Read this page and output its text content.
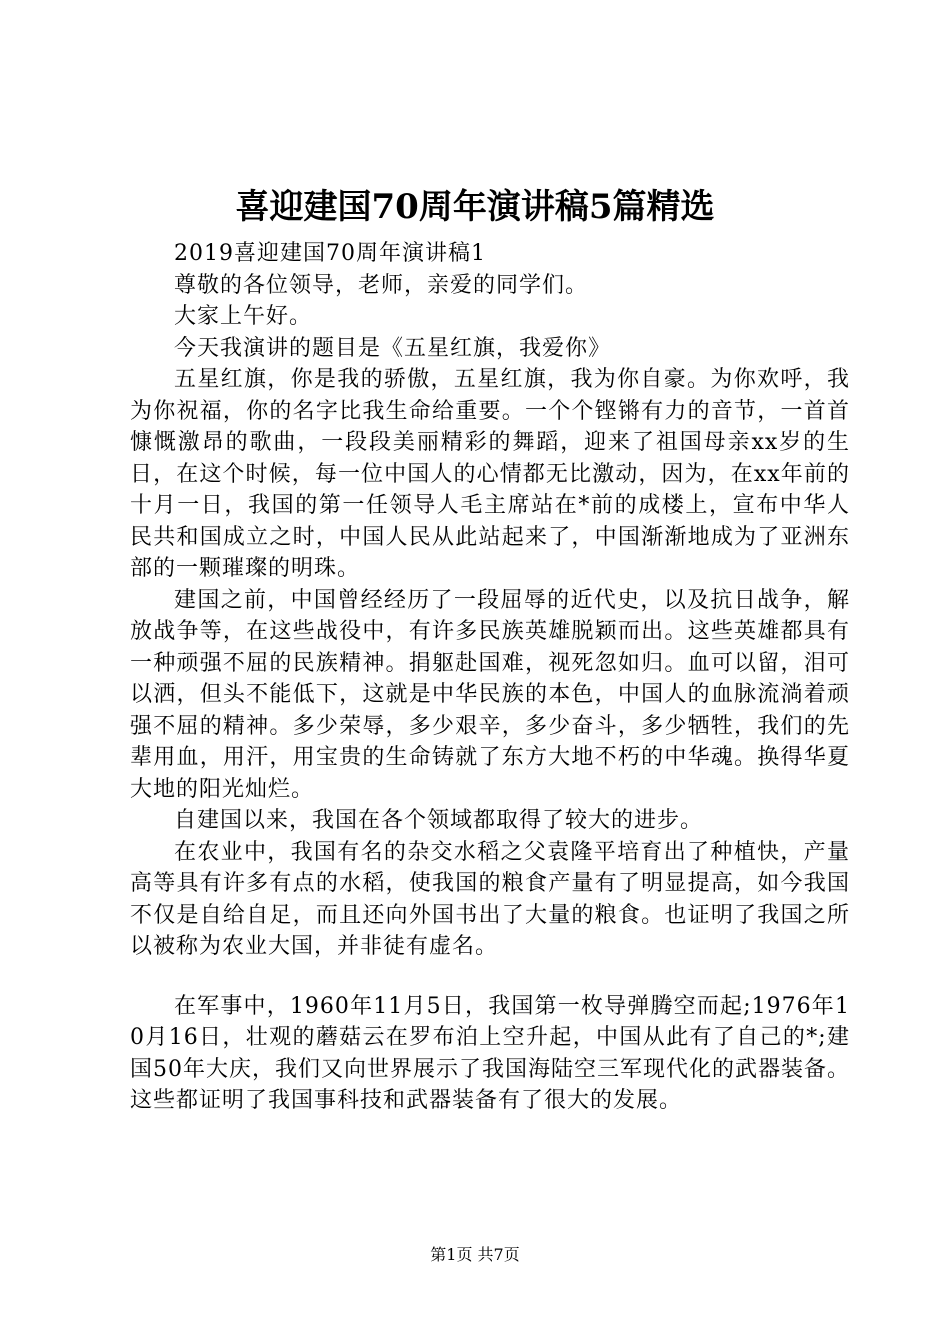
喜迎建国70周年演讲稿5篇精选

2019喜迎建国70周年演讲稿1

尊敬的各位领导，老师，亲爱的同学们。

大家上午好。

今天我演讲的题目是《五星红旗，我爱你》

五星红旗，你是我的骄傲，五星红旗，我为你自豪。为你欢呼，我为你祝福，你的名字比我生命给重要。一个个铿锵有力的音节，一首首慷慨激昂的歌曲，一段段美丽精彩的舞蹈，迎来了祖国母亲xx岁的生日，在这个时候，每一位中国人的心情都无比激动，因为，在xx年前的十月一日，我国的第一任领导人毛主席站在*前的成楼上，宣布中华人民共和国成立之时，中国人民从此站起来了，中国渐渐地成为了亚洲东部的一颗璀璨的明珠。

建国之前，中国曾经经历了一段屈辱的近代史，以及抗日战争，解放战争等，在这些战役中，有许多民族英雄脱颖而出。这些英雄都具有一种顽强不屈的民族精神。捐躯赴国难，视死忽如归。血可以留，泪可以洒，但头不能低下，这就是中华民族的本色，中国人的血脉流淌着顽强不屈的精神。多少荣辱，多少艰辛，多少奋斗，多少牺牲，我们的先辈用血，用汗，用宝贵的生命铸就了东方大地不朽的中华魂。换得华夏大地的阳光灿烂。

自建国以来，我国在各个领域都取得了较大的进步。

在农业中，我国有名的杂交水稻之父袁隆平培育出了种植快，产量高等具有许多有点的水稻，使我国的粮食产量有了明显提高，如今我国不仅是自给自足，而且还向外国书出了大量的粮食。也证明了我国之所以被称为农业大国，并非徒有虚名。

在军事中，1960年11月5日，我国第一枚导弹腾空而起;1976年10月16日，壮观的蘑菇云在罗布泊上空升起，中国从此有了自己的*;建国50年大庆，我们又向世界展示了我国海陆空三军现代化的武器装备。这些都证明了我国事科技和武器装备有了很大的发展。

第1页 共7页
